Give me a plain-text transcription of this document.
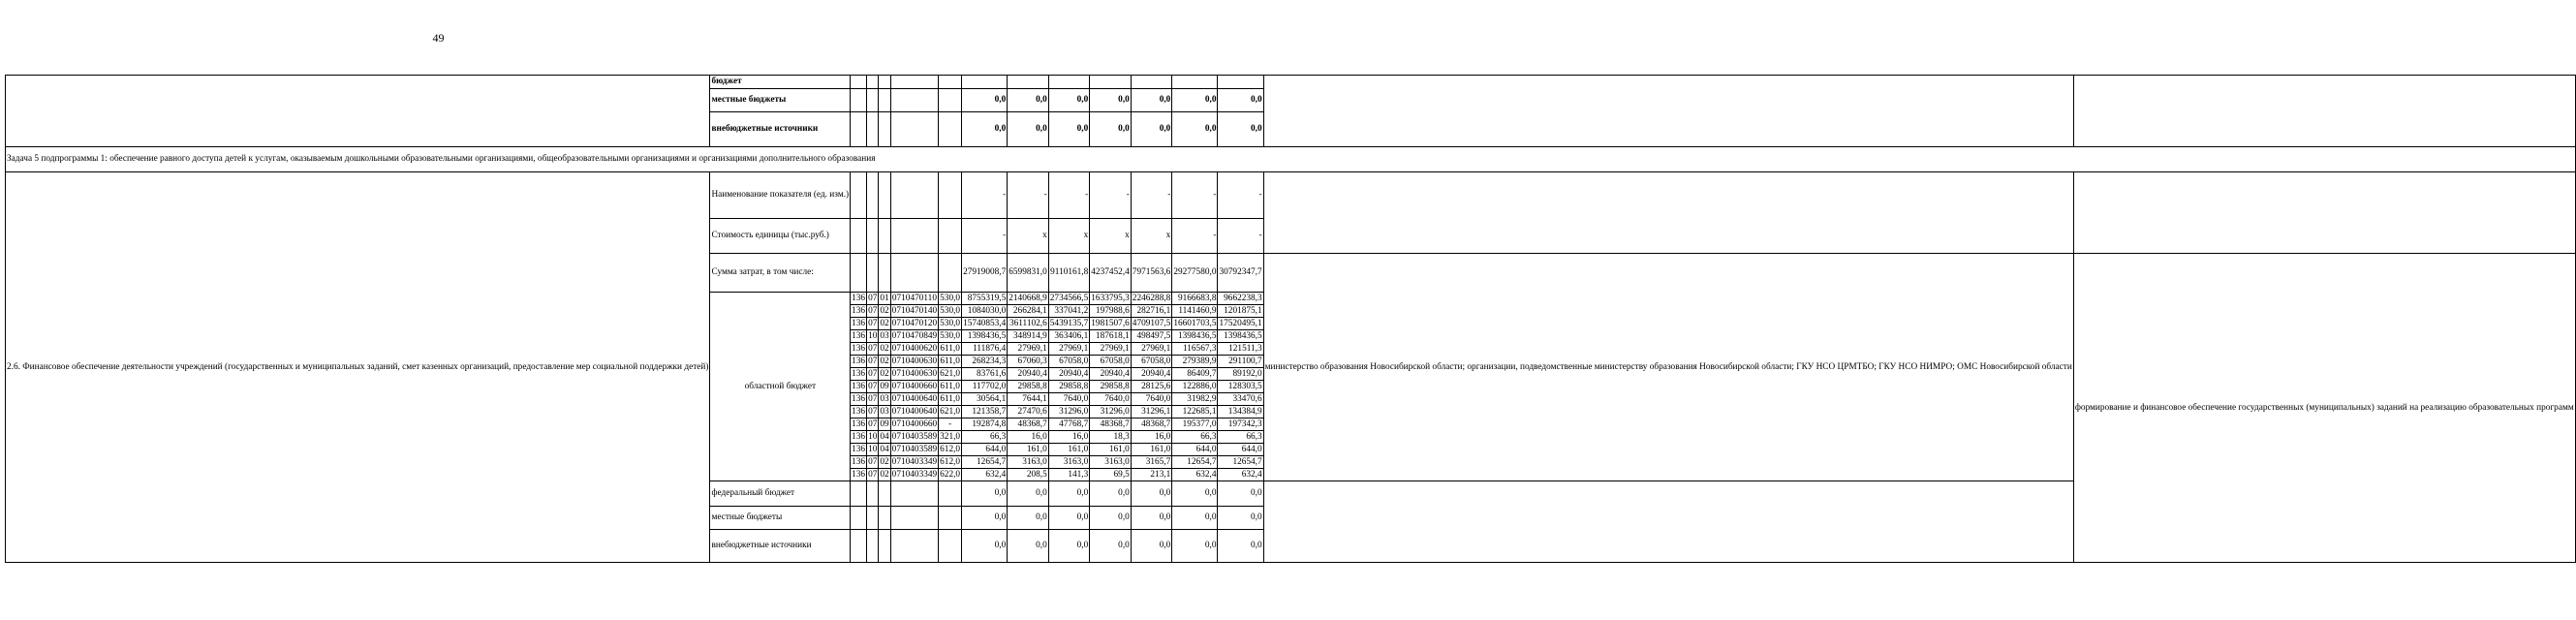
49
	бюджет														
	местные бюджеты						0,0	0,0	0,0	0,0	0,0	0,0	0,0		
	внебюджетные источники						0,0	0,0	0,0	0,0	0,0	0,0	0,0		
Задача 5 подпрограммы 1: обеспечение равного доступа детей к услугам, оказываемым дошкольными образовательными организациями, общеобразовательными организациями и организациями дополнительного образования															
2.6. Финансовое обеспечение деятельности учреждений (государственных и муниципальных заданий, смет казенных организаций, предоставление мер социальной поддержки детей)	Наименование показателя (ед. изм.)						-	-	-	-	-	-	-		
	Стоимость единицы (тыс.руб.)						-	х	х	х	х	-	-		
	Сумма затрат, в том числе:						27919008,7	6599831,0	9110161,8	4237452,4	7971563,6	29277580,0	30792347,7	министерство образования Новосибирской области; организации, подведомственные министерству образования Новосибирской области; ГКУ НСО ЦРМТБО; ГКУ НСО НИМРО; ОМС Новосибирской области	формирование и финансовое обеспечение государственных (муниципальных) заданий на реализацию образовательных программ
	областной бюджет	136	07	01	0710470110	530,0	8755319,5	2140668,9	2734566,5	1633795,3	2246288,8	9166683,8	9662238,3		
		136	07	02	0710470140	530,0	1084030,0	266284,1	337041,2	197988,6	282716,1	1141460,9	1201875,1		
		136	07	02	0710470120	530,0	15740853,4	3611102,6	5439135,7	1981507,6	4709107,5	16601703,5	17520495,1		
		136	10	03	0710470849	530,0	1398436,5	348914,9	363406,1	187618,1	498497,5	1398436,5	1398436,5		
		136	07	02	0710400620	611,0	111876,4	27969,1	27969,1	27969,1	27969,1	116567,3	121511,3		
		136	07	02	0710400630	611,0	268234,3	67060,3	67058,0	67058,0	67058,0	279389,9	291100,7		
		136	07	02	0710400630	621,0	83761,6	20940,4	20940,4	20940,4	20940,4	86409,7	89192,0		
		136	07	09	0710400660	611,0	117702,0	29858,8	29858,8	29858,8	28125,6	122886,0	128303,5		
		136	07	03	0710400640	611,0	30564,1	7644,1	7640,0	7640,0	7640,0	31982,9	33470,6		
		136	07	03	0710400640	621,0	121358,7	27470,6	31296,0	31296,0	31296,1	122685,1	134384,9		
		136	07	09	0710400660	-	192874,8	48368,7	47768,7	48368,7	48368,7	195377,0	197342,3		
		136	10	04	0710403589	321,0	66,3	16,0	16,0	18,3	16,0	66,3	66,3		
		136	10	04	0710403589	612,0	644,0	161,0	161,0	161,0	161,0	644,0	644,0		
		136	07	02	0710403349	612,0	12654,7	3163,0	3163,0	3163,0	3165,7	12654,7	12654,7		
		136	07	02	0710403349	622,0	632,4	208,5	141,3	69,5	213,1	632,4	632,4		
	федеральный бюджет						0,0	0,0	0,0	0,0	0,0	0,0	0,0		
	местные бюджеты						0,0	0,0	0,0	0,0	0,0	0,0	0,0		
	внебюджетные источники						0,0	0,0	0,0	0,0	0,0	0,0	0,0		
